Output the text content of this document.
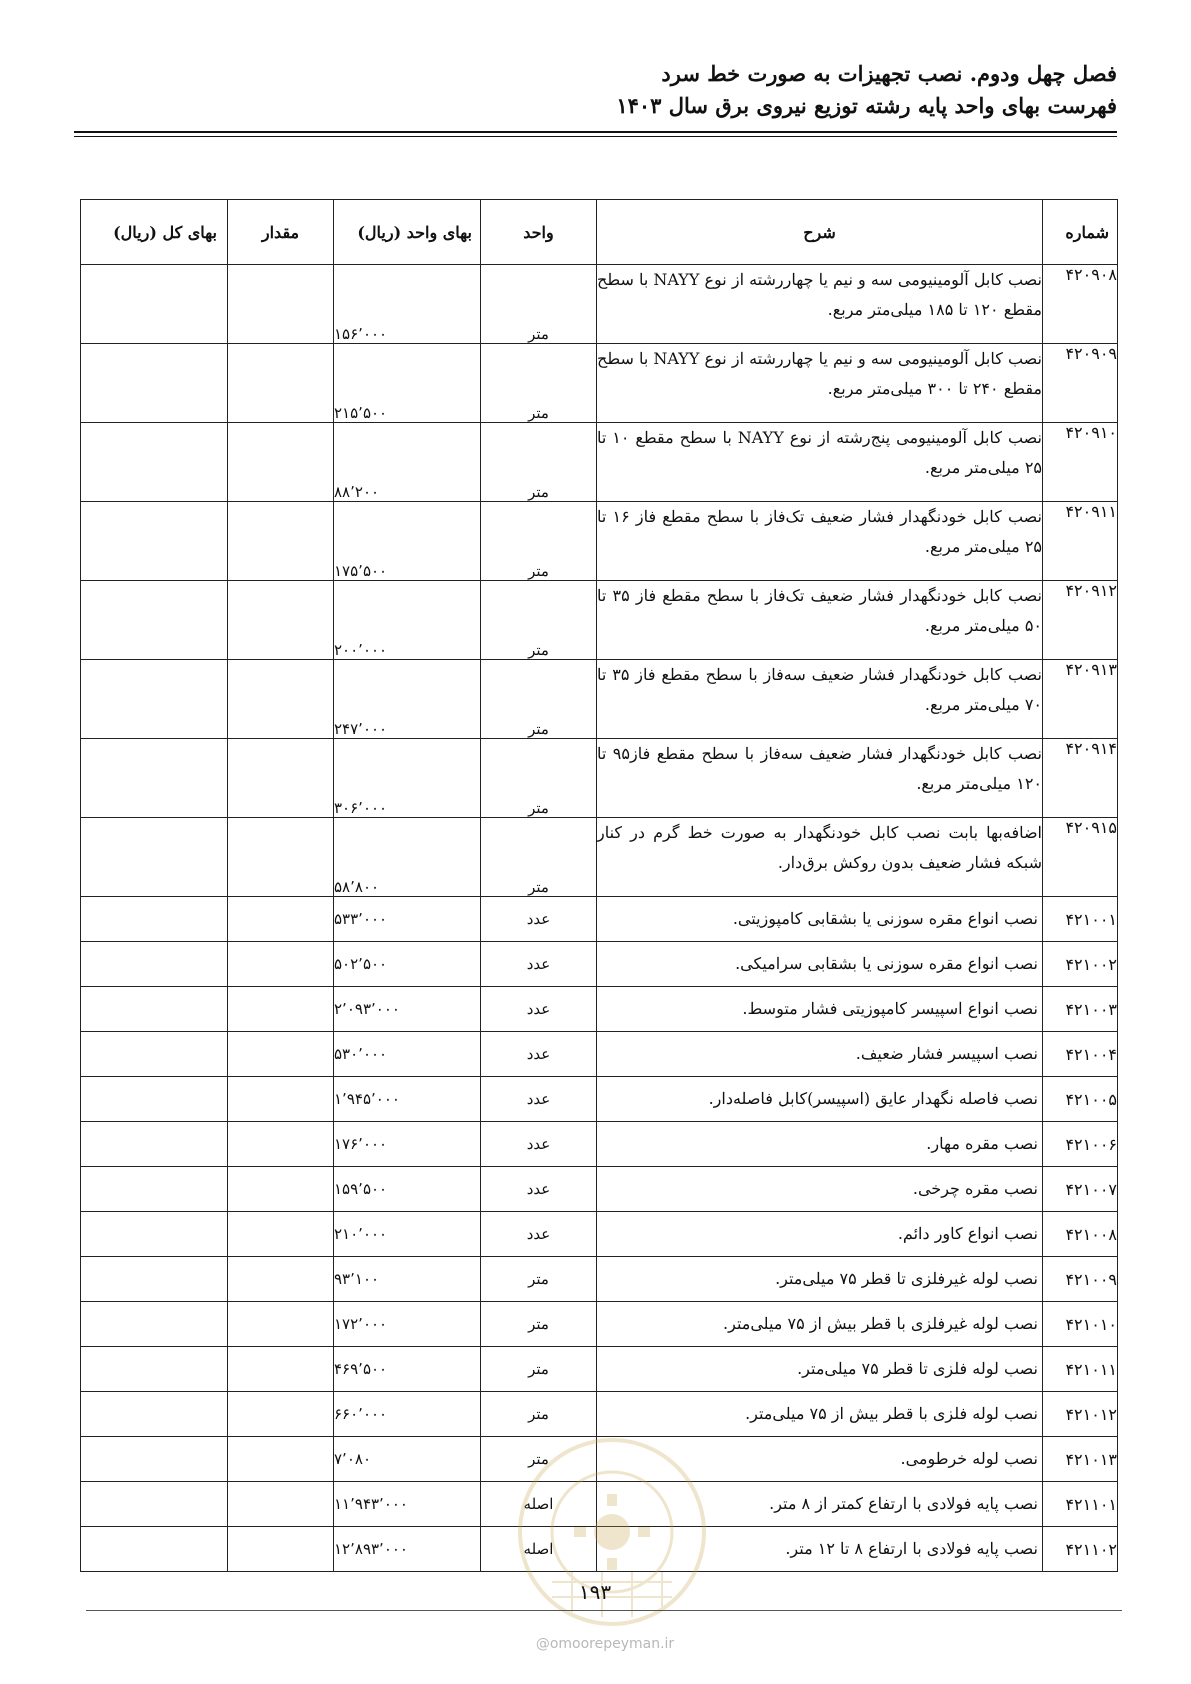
فصل چهل ودوم. نصب تجهیزات به صورت خط سرد
فهرست بهای واحد پایه رشته توزیع نیروی برق سال ۱۴۰۳
شماره	شرح	واحد	بهای واحد (ریال)	مقدار	بهای کل (ریال)
۴۲۰۹۰۸	نصب کابل آلومینیومی سه و نیم یا چهاررشته از نوع NAYY با سطح مقطع ۱۲۰ تا ۱۸۵ میلی‌متر مربع.	متر	۱۵۶٬۰۰۰		
۴۲۰۹۰۹	نصب کابل آلومینیومی سه و نیم یا چهاررشته از نوع NAYY با سطح مقطع ۲۴۰ تا ۳۰۰ میلی‌متر مربع.	متر	۲۱۵٬۵۰۰		
۴۲۰۹۱۰	نصب کابل آلومینیومی پنج‌رشته از نوع NAYY با سطح مقطع ۱۰ تا ۲۵ میلی‌متر مربع.	متر	۸۸٬۲۰۰		
۴۲۰۹۱۱	نصب کابل خودنگهدار فشار ضعیف تک‌فاز با سطح مقطع فاز ۱۶ تا ۲۵ میلی‌متر مربع.	متر	۱۷۵٬۵۰۰		
۴۲۰۹۱۲	نصب کابل خودنگهدار فشار ضعیف تک‌فاز با سطح مقطع فاز ۳۵ تا ۵۰ میلی‌متر مربع.	متر	۲۰۰٬۰۰۰		
۴۲۰۹۱۳	نصب کابل خودنگهدار فشار ضعیف سه‌فاز با سطح مقطع فاز ۳۵ تا ۷۰ میلی‌متر مربع.	متر	۲۴۷٬۰۰۰		
۴۲۰۹۱۴	نصب کابل خودنگهدار فشار ضعیف سه‌فاز با سطح مقطع فاز۹۵ تا ۱۲۰ میلی‌متر مربع.	متر	۳۰۶٬۰۰۰		
۴۲۰۹۱۵	اضافه‌بها بابت نصب کابل خودنگهدار به صورت خط گرم در کنار شبکه فشار ضعیف بدون روکش برق‌دار.	متر	۵۸٬۸۰۰		
۴۲۱۰۰۱	نصب انواع مقره سوزنی یا بشقابی کامپوزیتی.	عدد	۵۳۳٬۰۰۰		
۴۲۱۰۰۲	نصب انواع مقره سوزنی یا بشقابی سرامیکی.	عدد	۵۰۲٬۵۰۰		
۴۲۱۰۰۳	نصب انواع اسپیسر کامپوزیتی فشار متوسط.	عدد	۲٬۰۹۳٬۰۰۰		
۴۲۱۰۰۴	نصب اسپیسر فشار ضعیف.	عدد	۵۳۰٬۰۰۰		
۴۲۱۰۰۵	نصب فاصله نگهدار عایق (اسپیسر)کابل فاصله‌دار.	عدد	۱٬۹۴۵٬۰۰۰		
۴۲۱۰۰۶	نصب مقره مهار.	عدد	۱۷۶٬۰۰۰		
۴۲۱۰۰۷	نصب مقره چرخی.	عدد	۱۵۹٬۵۰۰		
۴۲۱۰۰۸	نصب انواع کاور دائم.	عدد	۲۱۰٬۰۰۰		
۴۲۱۰۰۹	نصب لوله غیرفلزی تا قطر ۷۵ میلی‌متر.	متر	۹۳٬۱۰۰		
۴۲۱۰۱۰	نصب لوله غیرفلزی با قطر بیش از ۷۵ میلی‌متر.	متر	۱۷۲٬۰۰۰		
۴۲۱۰۱۱	نصب لوله فلزی تا قطر ۷۵ میلی‌متر.	متر	۴۶۹٬۵۰۰		
۴۲۱۰۱۲	نصب لوله فلزی با قطر بیش از ۷۵ میلی‌متر.	متر	۶۶۰٬۰۰۰		
۴۲۱۰۱۳	نصب لوله خرطومی.	متر	۷٬۰۸۰		
۴۲۱۱۰۱	نصب پایه فولادی با ارتفاع کمتر از ۸ متر.	اصله	۱۱٬۹۴۳٬۰۰۰		
۴۲۱۱۰۲	نصب پایه فولادی با ارتفاع ۸ تا ۱۲ متر.	اصله	۱۲٬۸۹۳٬۰۰۰		
۱۹۳
@omoorepeyman.ir
